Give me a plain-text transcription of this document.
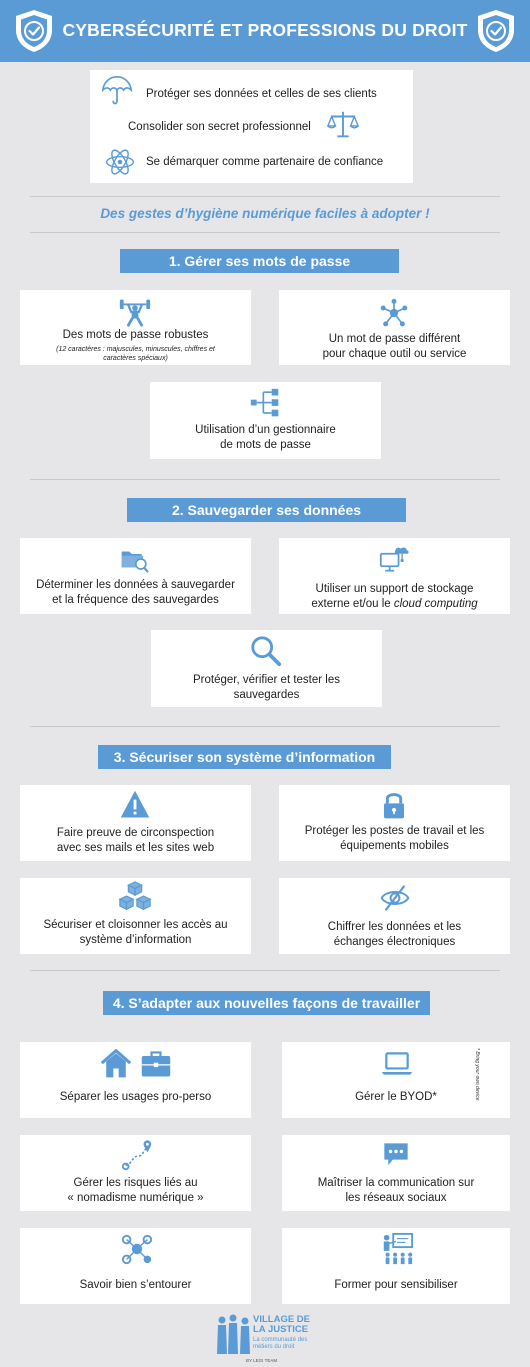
CYBERSÉCURITÉ ET PROFESSIONS DU DROIT
Protéger ses données et celles de ses clients
Consolider son secret professionnel
Se démarquer comme partenaire de confiance
Des gestes d’hygiène numérique faciles à adopter !
1. Gérer ses mots de passe
Des mots de passe robustes
(12 caractères : majuscules, minuscules, chiffres et
caractères spéciaux)
Un mot de passe différent
pour chaque outil ou service
Utilisation d’un gestionnaire
de mots de passe
2. Sauvegarder ses données
Déterminer les données à sauvegarder
et la fréquence des sauvegardes
Utiliser un support de stockage
externe et/ou le cloud computing
Protéger, vérifier et tester les
sauvegardes
3. Sécuriser son système d’information
Faire preuve de circonspection
avec ses mails et les sites web
Protéger les postes de travail et les
équipements mobiles
Sécuriser et cloisonner les accès au
système d’information
Chiffrer les données et les
échanges électroniques
4. S’adapter aux nouvelles façons de travailler
Séparer les usages pro-perso	Gérer le BYOD*	* Bring your own device
Gérer les risques liés au
« nomadisme numérique »
Maîtriser la communication sur
les réseaux sociaux
Savoir bien s’entourer	Former pour sensibiliser
VILLAGE DE
LA JUSTICE
La communauté des métiers du droit
BY LEGI TEAM
